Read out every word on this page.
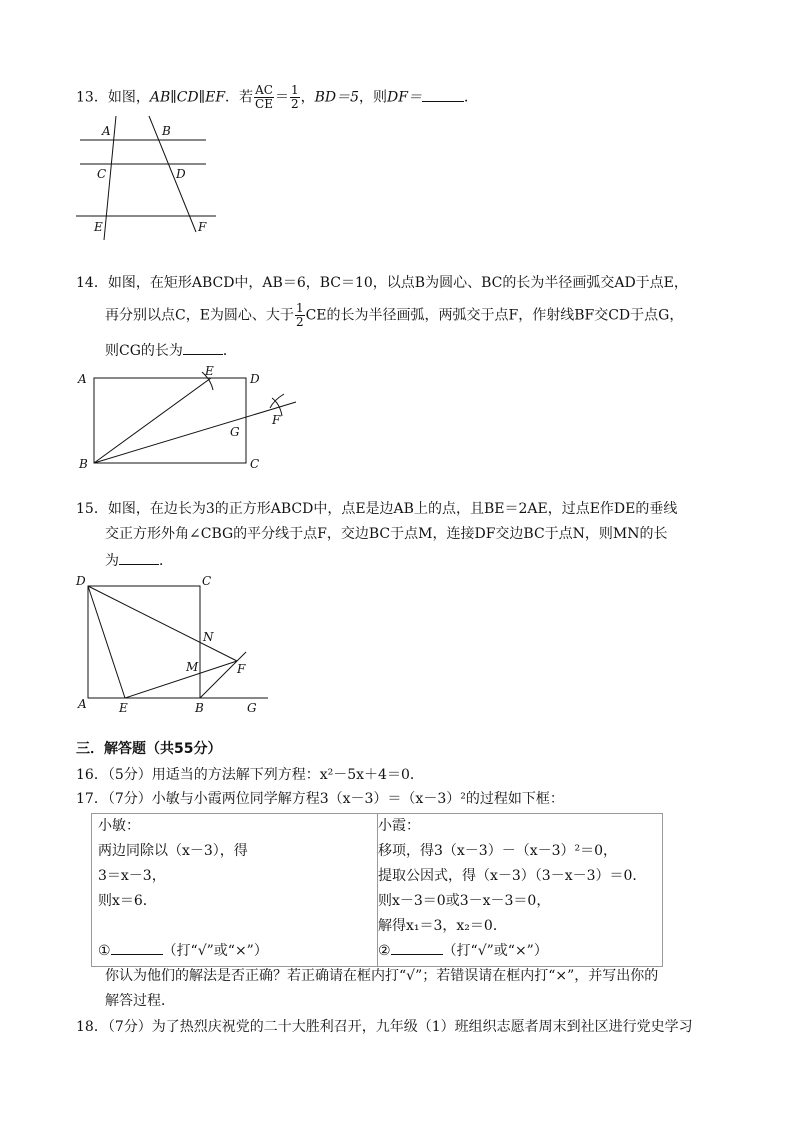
13．如图，AB∥CD∥EF．若 $\frac{AC}{CE} = \frac{1}{2}$ ，BD＝5，则DF＝	．
A	B
C	D
E	F
14．如图，在矩形ABCD中，AB＝6，BC＝10，以点B为圆心、BC的长为半径画弧交AD于点E，
再分别以点C，E为圆心、大于 $\frac{1}{2}$ CE的长为半径画弧，两弧交于点F，作射线BF交CD于点G，
则CG的长为	．
A
E
D
F
G
B	C
15．如图，在边长为3的正方形ABCD中，点E是边AB上的点，且BE＝2AE，过点E作DE的垂线
交正方形外角∠CBG的平分线于点F，交边BC于点M，连接DF交边BC于点N，则MN的长
为	．
D	C
N
M	F
A	E	B	G
三．解答题（共55分）
16．（5分）用适当的方法解下列方程：x²－5x＋4＝0．
17．（7分）小敏与小霞两位同学解方程3（x－3）＝（x－3）²的过程如下框：
小敏：
两边同除以（x－3），得
3＝x－3，
则x＝6．
①	（打“√”或“×”）
小霞：
移项，得3（x－3）－（x－3）²＝0，
提取公因式，得（x－3）（3－x－3）＝0．
则x－3＝0或3－x－3＝0，
解得x₁＝3，x₂＝0．
②	（打“√”或“×”）
你认为他们的解法是否正确？若正确请在框内打“√”；若错误请在框内打“×”，并写出你的
解答过程．
18．（7分）为了热烈庆祝党的二十大胜利召开，九年级（1）班组织志愿者周末到社区进行党史学习
